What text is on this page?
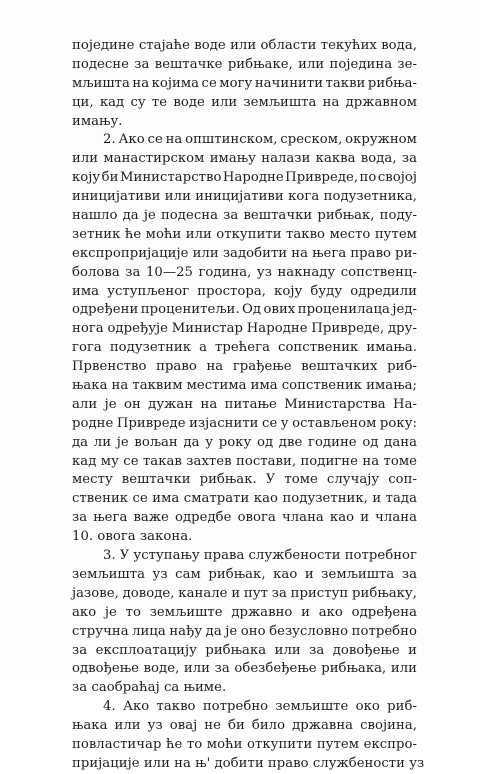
поједине стајаће воде или области текућих вода,
подесне за вештачке рибњаке, или поједина зе-
мљишта на којима се могу начинити такви рибња-
ци, кад су те воде или земљишта на државном
имању.
2. Ако се на општинском, среском, окружном
или манастирском имању налази каква вода, за
коју би Министарство Народне Привреде, по својој
иницијативи или иницијативи кога подузетника,
нашло да је подесна за вештачки рибњак, поду-
зетник ће моћи или откупити такво место путем
експропријације или задобити на њега право ри-
болова за 10—25 година, уз накнаду сопственц-
има уступљеног простора, коју буду одредили
одређени проценитељи. Од ових проценилаца јед-
нога одређује Министар Народне Привреде, дру-
гога подузетник а трећега сопственик имања.
Првенство право на грађење вештачких риб-
њака на таквим местима има сопственик имања;
али је он дужан на питање Министарства На-
родне Привреде изјаснити се у остављеном року:
да ли је вољан да у року од две године од дана
кад му се такав захтев постави, подигне на томе
месту вештачки рибњак. У томе случају соп-
ственик се има сматрати као подузетник, и тада
за њега важе одредбе овога члана као и члана
10. овога закона.
3. У уступању права службености потребног
земљишта уз сам рибњак, као и земљишта за
јазове, доводе, канале и пут за приступ рибњаку,
ако је то земљиште државно и ако одређена
стручна лица нађу да је оно безусловно потребно
за експлоатацију рибњака или за довођење и
одвођење воде, или за обезбеђење рибњака, или
за саобраћај са њиме.
4. Ако такво потребно земљиште око риб-
њака или уз овај не би било државна својина,
повластичар ће то моћи откупити путем експро-
пријације или на њ' добити право службености уз
